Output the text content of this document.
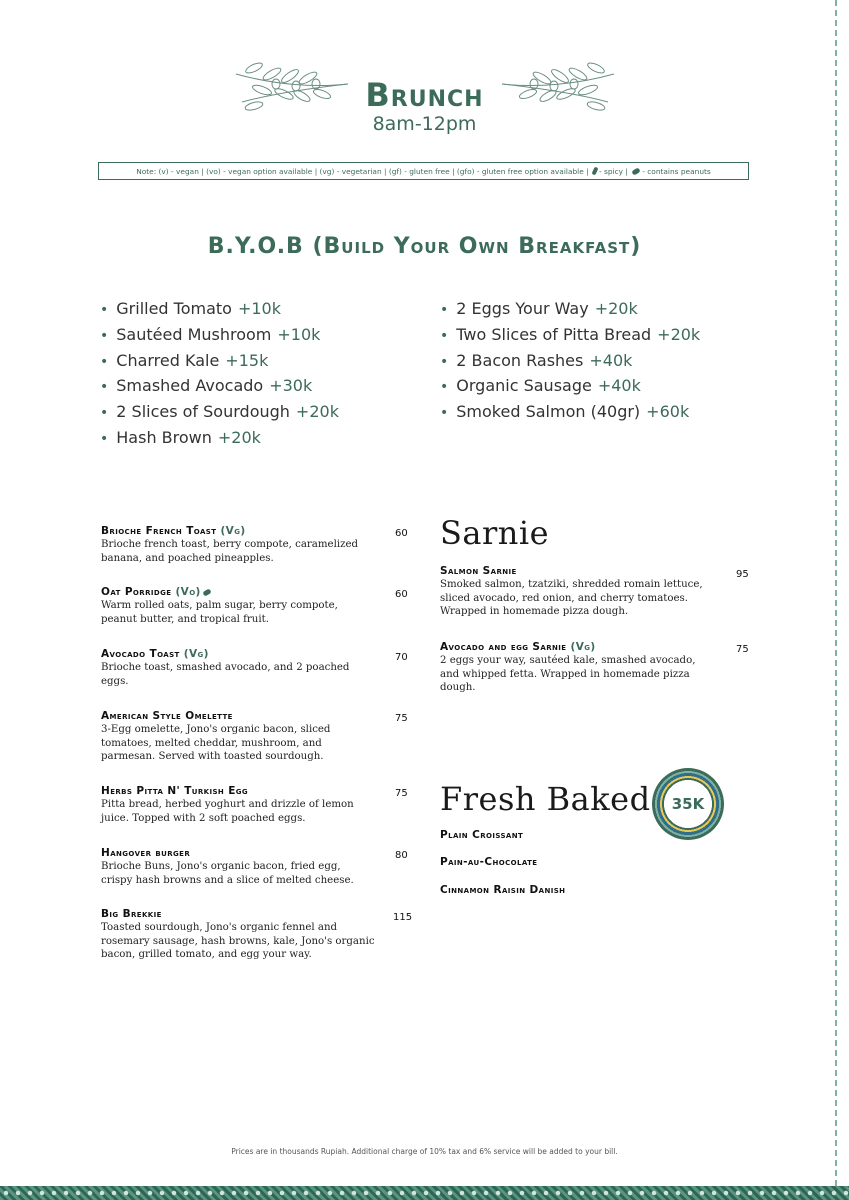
Brunch
8am-12pm
Note: (v) - vegan | (vo) - vegan option available | (vg) - vegetarian | (gf) - gluten free | (gfo) - gluten free option available |
- spicy |
- contains peanuts
B.Y.O.B (Build Your Own Breakfast)
• Grilled Tomato +10k
• Sautéed Mushroom +10k
• Charred Kale +15k
• Smashed Avocado +30k
• 2 Slices of Sourdough +20k
• Hash Brown +20k
• 2 Eggs Your Way +20k
• Two Slices of Pitta Bread +20k
• 2 Bacon Rashes +40k
• Organic Sausage +40k
• Smoked Salmon (40gr) +60k
Brioche French Toast (Vg)	60
Brioche french toast, berry compote, caramelized
banana, and poached pineapples.
Oat Porridge (Vo)	60
Warm rolled oats, palm sugar, berry compote,
peanut butter, and tropical fruit.
Avocado Toast (Vg)	70
Brioche toast, smashed avocado, and 2 poached
eggs.
American Style Omelette	75
3-Egg omelette, Jono's organic bacon, sliced
tomatoes, melted cheddar, mushroom, and
parmesan. Served with toasted sourdough.
Herbs Pitta N' Turkish Egg	75
Pitta bread, herbed yoghurt and drizzle of lemon
juice. Topped with 2 soft poached eggs.
Hangover burger	80
Brioche Buns, Jono's organic bacon, fried egg,
crispy hash browns and a slice of melted cheese.
Big Brekkie	115
Toasted sourdough, Jono's organic fennel and
rosemary sausage, hash browns, kale, Jono's organic
bacon, grilled tomato, and egg your way.
Sarnie
Salmon Sarnie	95
Smoked salmon, tzatziki, shredded romain lettuce,
sliced avocado, red onion, and cherry tomatoes.
Wrapped in homemade pizza dough.
Avocado and egg Sarnie (Vg)	75
2 eggs your way, sautéed kale, smashed avocado,
and whipped fetta. Wrapped in homemade pizza
dough.
Fresh Baked 35K
Plain Croissant
Pain-au-Chocolate
Cinnamon Raisin Danish
Prices are in thousands Rupiah. Additional charge of 10% tax and 6% service will be added to your bill.
